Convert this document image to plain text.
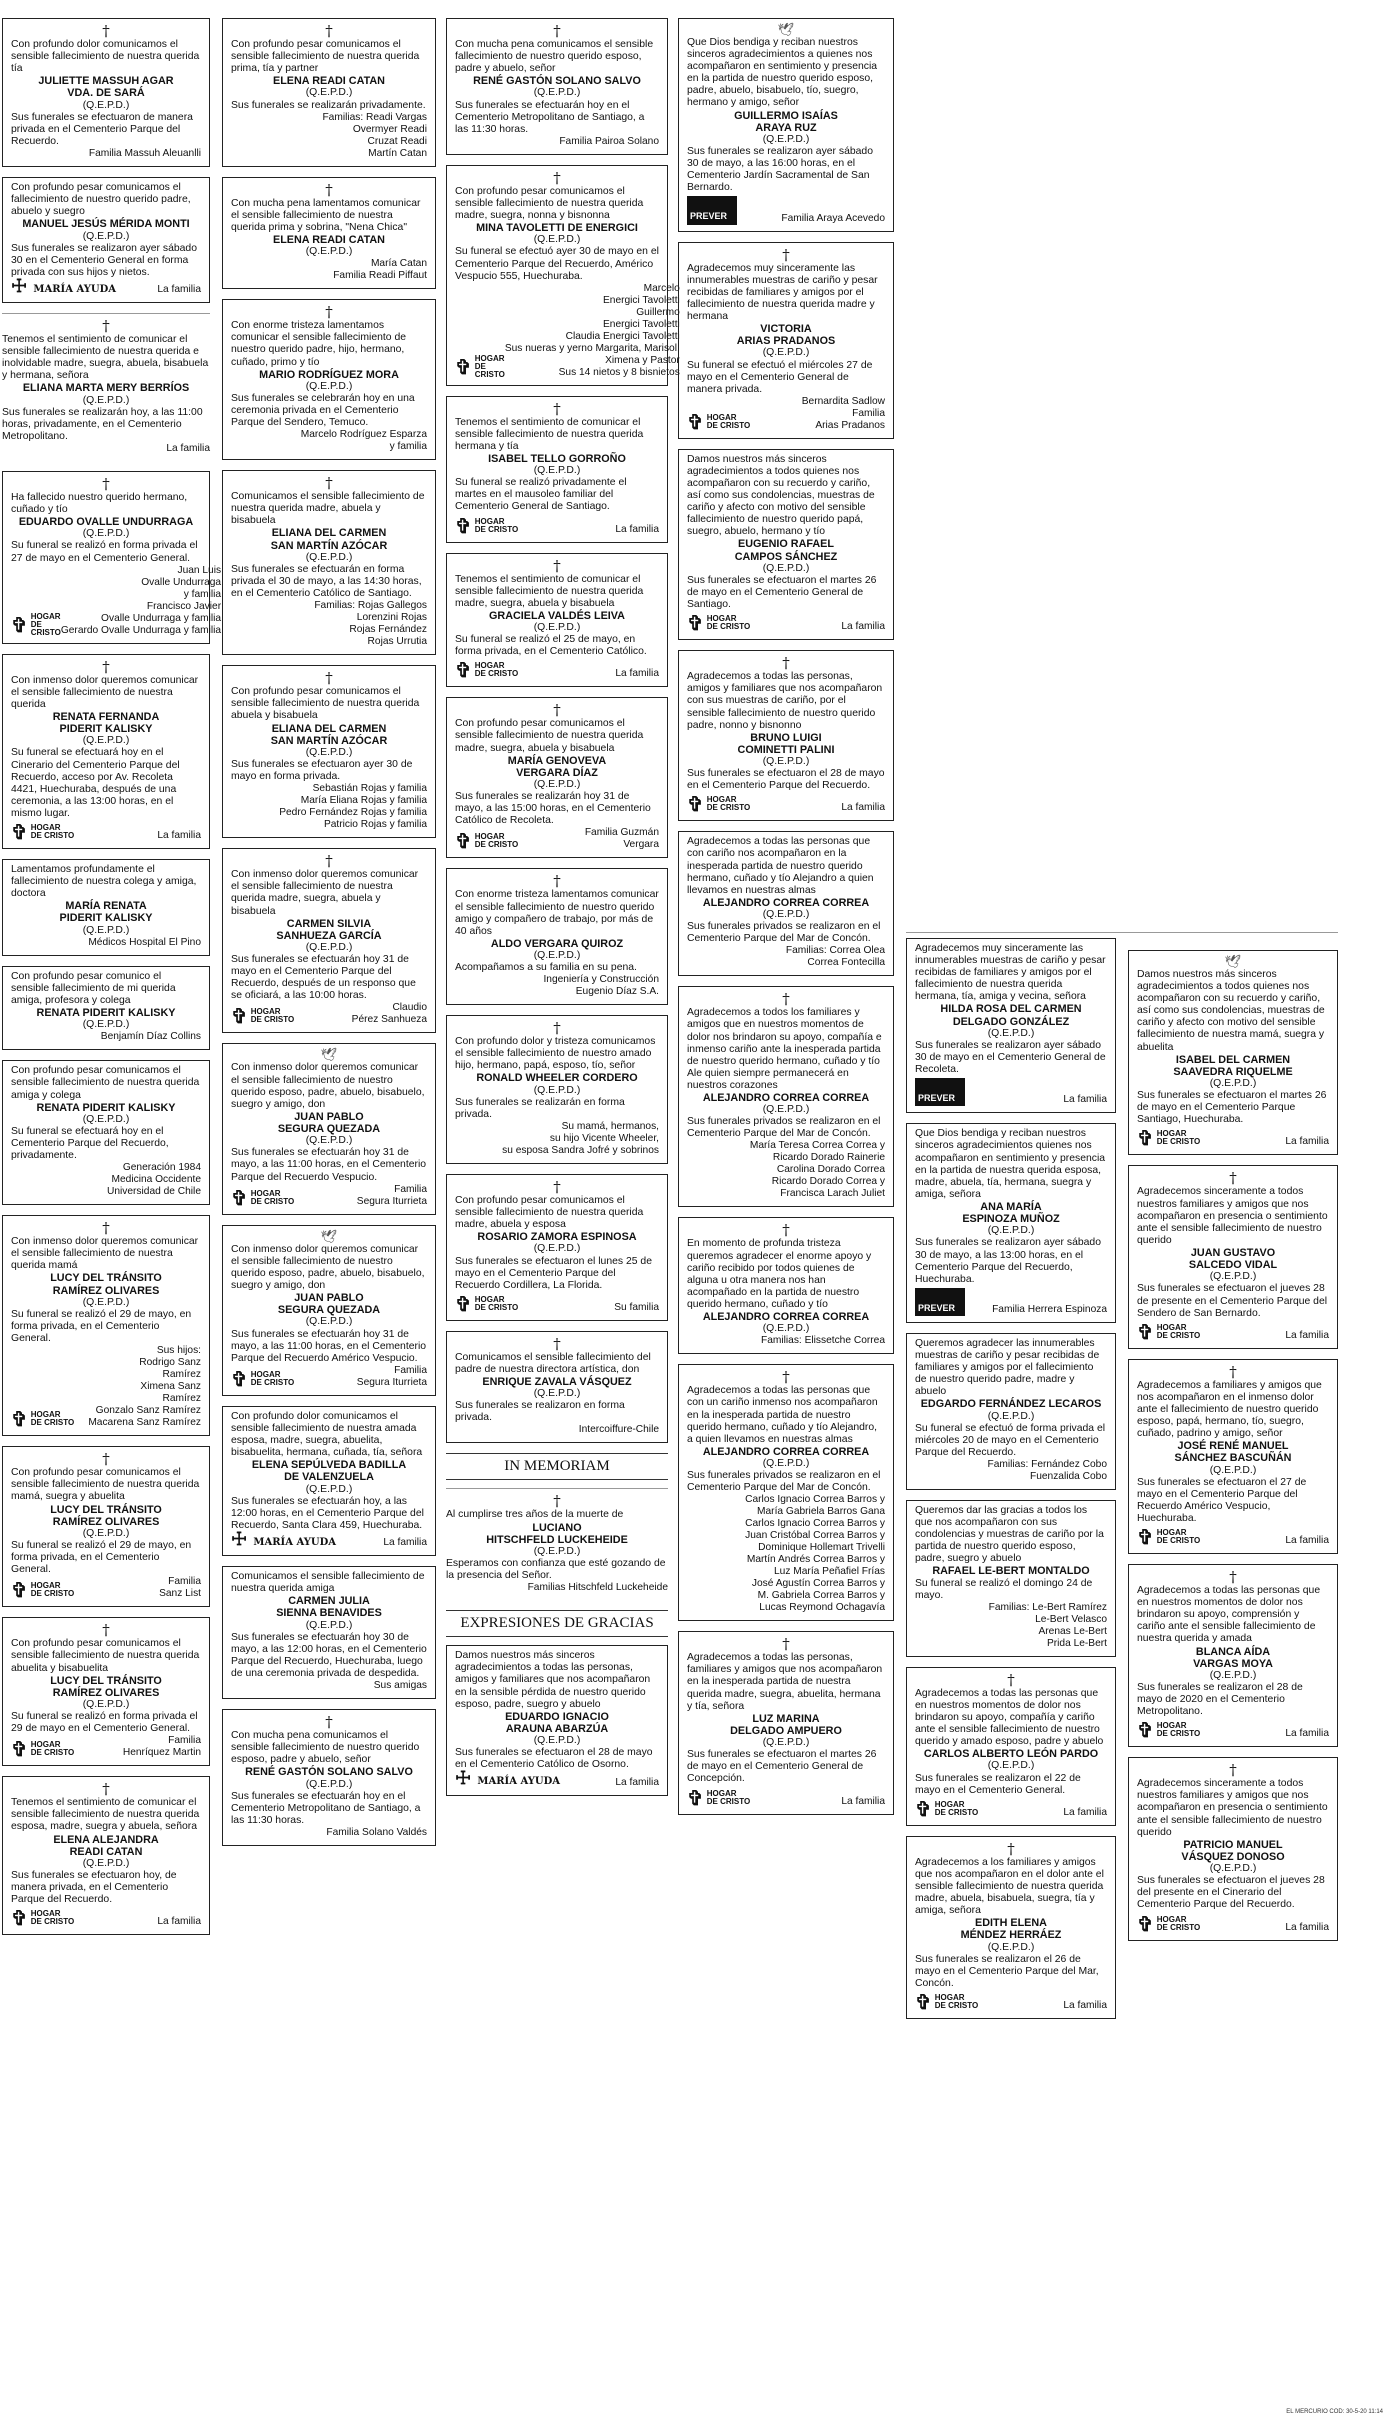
†
Con profundo dolor comunicamos el sensible fallecimiento de nuestra querida tía
JULIETTE MASSUH AGAR
VDA. DE SARÁ
(Q.E.P.D.)
Sus funerales se efectuaron de manera privada en el Cementerio Parque del Recuerdo.
Familia Massuh Aleuanlli
Con profundo pesar comunicamos el fallecimiento de nuestro querido padre, abuelo y suegro
MANUEL JESÚS MÉRIDA MONTI
(Q.E.P.D.)
Sus funerales se realizaron ayer sábado 30 en el Cementerio General en forma privada con sus hijos y nietos.
☩ MARÍA AYUDA	La familia
†
Tenemos el sentimiento de comunicar el sensible fallecimiento de nuestra querida e inolvidable madre, suegra, abuela, bisabuela y hermana, señora
ELIANA MARTA MERY BERRÍOS
(Q.E.P.D.)
Sus funerales se realizarán hoy, a las 11:00 horas, privadamente, en el Cementerio Metropolitano.
La familia
†
Ha fallecido nuestro querido hermano, cuñado y tío
EDUARDO OVALLE UNDURRAGA
(Q.E.P.D.)
Su funeral se realizó en forma privada el 27 de mayo en el Cementerio General.
✞ HOGAR
DE CRISTO
Juan Luis
Ovalle Undurraga
y familia
Francisco Javier
Ovalle Undurraga y familia
Gerardo Ovalle Undurraga y familia
†
Con inmenso dolor queremos comunicar el sensible fallecimiento de nuestra querida
RENATA FERNANDA
PIDERIT KALISKY
(Q.E.P.D.)
Su funeral se efectuará hoy en el Cinerario del Cementerio Parque del Recuerdo, acceso por Av. Recoleta 4421, Huechuraba, después de una ceremonia, a las 13:00 horas, en el mismo lugar.
✞ HOGAR
DE CRISTO	La familia
Lamentamos profundamente el fallecimiento de nuestra colega y amiga, doctora
MARÍA RENATA
PIDERIT KALISKY
(Q.E.P.D.)
Médicos Hospital El Pino
Con profundo pesar comunico el sensible fallecimiento de mi querida amiga, profesora y colega
RENATA PIDERIT KALISKY
(Q.E.P.D.)
Benjamín Díaz Collins
Con profundo pesar comunicamos el sensible fallecimiento de nuestra querida amiga y colega
RENATA PIDERIT KALISKY
(Q.E.P.D.)
Su funeral se efectuará hoy en el Cementerio Parque del Recuerdo, privadamente.
Generación 1984
Medicina Occidente
Universidad de Chile
†
Con inmenso dolor queremos comunicar el sensible fallecimiento de nuestra querida mamá
LUCY DEL TRÁNSITO
RAMÍREZ OLIVARES
(Q.E.P.D.)
Su funeral se realizó el 29 de mayo, en forma privada, en el Cementerio General.
✞ HOGAR
DE CRISTO
Sus hijos:
Rodrigo Sanz
Ramírez
Ximena Sanz
Ramírez
Gonzalo Sanz Ramírez
Macarena Sanz Ramírez
†
Con profundo pesar comunicamos el sensible fallecimiento de nuestra querida mamá, suegra y abuelita
LUCY DEL TRÁNSITO
RAMÍREZ OLIVARES
(Q.E.P.D.)
Su funeral se realizó el 29 de mayo, en forma privada, en el Cementerio General.
✞ HOGAR
DE CRISTO
Familia
Sanz List
†
Con profundo pesar comunicamos el sensible fallecimiento de nuestra querida abuelita y bisabuelita
LUCY DEL TRÁNSITO
RAMÍREZ OLIVARES
(Q.E.P.D.)
Su funeral se realizó en forma privada el 29 de mayo en el Cementerio General.
✞ HOGAR
DE CRISTO
Familia
Henríquez Martin
†
Tenemos el sentimiento de comunicar el sensible fallecimiento de nuestra querida esposa, madre, suegra y abuela, señora
ELENA ALEJANDRA
READI CATAN
(Q.E.P.D.)
Sus funerales se efectuaron hoy, de manera privada, en el Cementerio Parque del Recuerdo.
✞ HOGAR
DE CRISTO	La familia
†
Con profundo pesar comunicamos el sensible fallecimiento de nuestra querida prima, tía y partner
ELENA READI CATAN
(Q.E.P.D.)
Sus funerales se realizarán privadamente.
Familias: Readi Vargas
Overmyer Readi
Cruzat Readi
Martín Catan
†
Con mucha pena lamentamos comunicar el sensible fallecimiento de nuestra querida prima y sobrina, "Nena Chica"
ELENA READI CATAN
(Q.E.P.D.)
María Catan
Familia Readi Piffaut
†
Con enorme tristeza lamentamos comunicar el sensible fallecimiento de nuestro querido padre, hijo, hermano, cuñado, primo y tío
MARIO RODRÍGUEZ MORA
(Q.E.P.D.)
Sus funerales se celebrarán hoy en una ceremonia privada en el Cementerio Parque del Sendero, Temuco.
Marcelo Rodríguez Esparza
y familia
†
Comunicamos el sensible fallecimiento de nuestra querida madre, abuela y bisabuela
ELIANA DEL CARMEN
SAN MARTÍN AZÓCAR
(Q.E.P.D.)
Sus funerales se efectuarán en forma privada el 30 de mayo, a las 14:30 horas, en el Cementerio Católico de Santiago.
Familias: Rojas Gallegos
Lorenzini Rojas
Rojas Fernández
Rojas Urrutia
†
Con profundo pesar comunicamos el sensible fallecimiento de nuestra querida abuela y bisabuela
ELIANA DEL CARMEN
SAN MARTÍN AZÓCAR
(Q.E.P.D.)
Sus funerales se efectuaron ayer 30 de mayo en forma privada.
Sebastián Rojas y familia
María Eliana Rojas y familia
Pedro Fernández Rojas y familia
Patricio Rojas y familia
†
Con inmenso dolor queremos comunicar el sensible fallecimiento de nuestra querida madre, suegra, abuela y bisabuela
CARMEN SILVIA
SANHUEZA GARCÍA
(Q.E.P.D.)
Sus funerales se efectuarán hoy 31 de mayo en el Cementerio Parque del Recuerdo, después de un responso que se oficiará, a las 10:00 horas.
✞ HOGAR
DE CRISTO
Claudio
Pérez Sanhueza
🕊︎
Con inmenso dolor queremos comunicar el sensible fallecimiento de nuestro querido esposo, padre, abuelo, bisabuelo, suegro y amigo, don
JUAN PABLO
SEGURA QUEZADA
(Q.E.P.D.)
Sus funerales se efectuarán hoy 31 de mayo, a las 11:00 horas, en el Cementerio Parque del Recuerdo Vespucio.
✞ HOGAR
DE CRISTO
Familia
Segura Iturrieta
🕊︎
Con inmenso dolor queremos comunicar el sensible fallecimiento de nuestro querido esposo, padre, abuelo, bisabuelo, suegro y amigo, don
JUAN PABLO
SEGURA QUEZADA
(Q.E.P.D.)
Sus funerales se efectuarán hoy 31 de mayo, a las 11:00 horas, en el Cementerio Parque del Recuerdo Américo Vespucio.
✞ HOGAR
DE CRISTO
Familia
Segura Iturrieta
Con profundo dolor comunicamos el sensible fallecimiento de nuestra amada esposa, madre, suegra, abuelita, bisabuelita, hermana, cuñada, tía, señora
ELENA SEPÚLVEDA BADILLA
DE VALENZUELA
(Q.E.P.D.)
Sus funerales se efectuarán hoy, a las 12:00 horas, en el Cementerio Parque del Recuerdo, Santa Clara 459, Huechuraba.
☩ MARÍA AYUDA	La familia
Comunicamos el sensible fallecimiento de nuestra querida amiga
CARMEN JULIA
SIENNA BENAVIDES
(Q.E.P.D.)
Sus funerales se efectuarán hoy 30 de mayo, a las 12:00 horas, en el Cementerio Parque del Recuerdo, Huechuraba, luego de una ceremonia privada de despedida.
Sus amigas
†
Con mucha pena comunicamos el sensible fallecimiento de nuestro querido esposo, padre y abuelo, señor
RENÉ GASTÓN SOLANO SALVO
(Q.E.P.D.)
Sus funerales se efectuarán hoy en el Cementerio Metropolitano de Santiago, a las 11:30 horas.
Familia Solano Valdés
†
Con mucha pena comunicamos el sensible fallecimiento de nuestro querido esposo, padre y abuelo, señor
RENÉ GASTÓN SOLANO SALVO
(Q.E.P.D.)
Sus funerales se efectuarán hoy en el Cementerio Metropolitano de Santiago, a las 11:30 horas.
Familia Pairoa Solano
†
Con profundo pesar comunicamos el sensible fallecimiento de nuestra querida madre, suegra, nonna y bisnonna
MINA TAVOLETTI DE ENERGICI
(Q.E.P.D.)
Su funeral se efectuó ayer 30 de mayo en el Cementerio Parque del Recuerdo, Américo Vespucio 555, Huechuraba.
✞ HOGAR
DE CRISTO
Marcelo
Energici Tavoletti
Guillermo
Energici Tavoletti
Claudia Energici Tavoletti
Sus nueras y yerno Margarita, Marisol,
Ximena y Pastor
Sus 14 nietos y 8 bisnietos
†
Tenemos el sentimiento de comunicar el sensible fallecimiento de nuestra querida hermana y tía
ISABEL TELLO GORROÑO
(Q.E.P.D.)
Su funeral se realizó privadamente el martes en el mausoleo familiar del Cementerio General de Santiago.
✞ HOGAR
DE CRISTO	La familia
†
Tenemos el sentimiento de comunicar el sensible fallecimiento de nuestra querida madre, suegra, abuela y bisabuela
GRACIELA VALDÉS LEIVA
(Q.E.P.D.)
Su funeral se realizó el 25 de mayo, en forma privada, en el Cementerio Católico.
✞ HOGAR
DE CRISTO	La familia
†
Con profundo pesar comunicamos el sensible fallecimiento de nuestra querida madre, suegra, abuela y bisabuela
MARÍA GENOVEVA
VERGARA DÍAZ
(Q.E.P.D.)
Sus funerales se realizarán hoy 31 de mayo, a las 15:00 horas, en el Cementerio Católico de Recoleta.
✞ HOGAR
DE CRISTO
Familia Guzmán
Vergara
†
Con enorme tristeza lamentamos comunicar el sensible fallecimiento de nuestro querido amigo y compañero de trabajo, por más de 40 años
ALDO VERGARA QUIROZ
(Q.E.P.D.)
Acompañamos a su familia en su pena.
Ingeniería y Construcción
Eugenio Díaz S.A.
†
Con profundo dolor y tristeza comunicamos el sensible fallecimiento de nuestro amado hijo, hermano, papá, esposo, tío, señor
RONALD WHEELER CORDERO
(Q.E.P.D.)
Sus funerales se realizarán en forma privada.
Su mamá, hermanos,
su hijo Vicente Wheeler,
su esposa Sandra Jofré y sobrinos
†
Con profundo pesar comunicamos el sensible fallecimiento de nuestra querida madre, abuela y esposa
ROSARIO ZAMORA ESPINOSA
(Q.E.P.D.)
Sus funerales se efectuaron el lunes 25 de mayo en el Cementerio Parque del Recuerdo Cordillera, La Florida.
✞ HOGAR
DE CRISTO	Su familia
†
Comunicamos el sensible fallecimiento del padre de nuestra directora artística, don
ENRIQUE ZAVALA VÁSQUEZ
(Q.E.P.D.)
Sus funerales se realizaron en forma privada.
Intercoiffure-Chile
IN MEMORIAM
†
Al cumplirse tres años de la muerte de
LUCIANO
HITSCHFELD LUCKEHEIDE
(Q.E.P.D.)
Esperamos con confianza que esté gozando de la presencia del Señor.
Familias Hitschfeld Luckeheide
EXPRESIONES DE GRACIAS
Damos nuestros más sinceros agradecimientos a todas las personas, amigos y familiares que nos acompañaron en la sensible pérdida de nuestro querido esposo, padre, suegro y abuelo
EDUARDO IGNACIO
ARAUNA ABARZÚA
(Q.E.P.D.)
Sus funerales se efectuaron el 28 de mayo en el Cementerio Católico de Osorno.
☩ MARÍA AYUDA	La familia
🕊︎
Que Dios bendiga y reciban nuestros sinceros agradecimientos a quienes nos acompañaron en sentimiento y presencia en la partida de nuestro querido esposo, padre, abuelo, bisabuelo, tío, suegro, hermano y amigo, señor
GUILLERMO ISAÍAS
ARAYA RUZ
(Q.E.P.D.)
Sus funerales se realizaron ayer sábado 30 de mayo, a las 16:00 horas, en el Cementerio Jardín Sacramental de San Bernardo.
PREVER	Familia Araya Acevedo
†
Agradecemos muy sinceramente las innumerables muestras de cariño y pesar recibidas de familiares y amigos por el fallecimiento de nuestra querida madre y hermana
VICTORIA
ARIAS PRADANOS
(Q.E.P.D.)
Su funeral se efectuó el miércoles 27 de mayo en el Cementerio General de manera privada.
✞ HOGAR
DE CRISTO
Bernardita Sadlow
Familia
Arias Pradanos
Damos nuestros más sinceros agradecimientos a todos quienes nos acompañaron con su recuerdo y cariño, así como sus condolencias, muestras de cariño y afecto con motivo del sensible fallecimiento de nuestro querido papá, suegro, abuelo, hermano y tío
EUGENIO RAFAEL
CAMPOS SÁNCHEZ
(Q.E.P.D.)
Sus funerales se efectuaron el martes 26 de mayo en el Cementerio General de Santiago.
✞ HOGAR
DE CRISTO	La familia
†
Agradecemos a todas las personas, amigos y familiares que nos acompañaron con sus muestras de cariño, por el sensible fallecimiento de nuestro querido padre, nonno y bisnonno
BRUNO LUIGI
COMINETTI PALINI
(Q.E.P.D.)
Sus funerales se efectuaron el 28 de mayo en el Cementerio Parque del Recuerdo.
✞ HOGAR
DE CRISTO	La familia
Agradecemos a todas las personas que con cariño nos acompañaron en la inesperada partida de nuestro querido hermano, cuñado y tío Alejandro a quien llevamos en nuestras almas
ALEJANDRO CORREA CORREA
(Q.E.P.D.)
Sus funerales privados se realizaron en el Cementerio Parque del Mar de Concón.
Familias: Correa Olea
Correa Fontecilla
†
Agradecemos a todos los familiares y amigos que en nuestros momentos de dolor nos brindaron su apoyo, compañía e inmenso cariño ante la inesperada partida de nuestro querido hermano, cuñado y tío Ale quien siempre permanecerá en nuestros corazones
ALEJANDRO CORREA CORREA
(Q.E.P.D.)
Sus funerales privados se realizaron en el Cementerio Parque del Mar de Concón.
María Teresa Correa Correa y
Ricardo Dorado Rainerie
Carolina Dorado Correa
Ricardo Dorado Correa y
Francisca Larach Juliet
†
En momento de profunda tristeza queremos agradecer el enorme apoyo y cariño recibido por todos quienes de alguna u otra manera nos han acompañado en la partida de nuestro querido hermano, cuñado y tío
ALEJANDRO CORREA CORREA
(Q.E.P.D.)
Familias: Elissetche Correa
†
Agradecemos a todas las personas que con un cariño inmenso nos acompañaron en la inesperada partida de nuestro querido hermano, cuñado y tío Alejandro, a quien llevamos en nuestras almas
ALEJANDRO CORREA CORREA
(Q.E.P.D.)
Sus funerales privados se realizaron en el Cementerio Parque del Mar de Concón.
Carlos Ignacio Correa Barros y
María Gabriela Barros Gana
Carlos Ignacio Correa Barros y
Juan Cristóbal Correa Barros y
Dominique Hollemart Trivelli
Martín Andrés Correa Barros y
Luz María Peñafiel Frías
José Agustín Correa Barros y
M. Gabriela Correa Barros y
Lucas Reymond Ochagavía
†
Agradecemos a todas las personas, familiares y amigos que nos acompañaron en la inesperada partida de nuestra querida madre, suegra, abuelita, hermana y tía, señora
LUZ MARINA
DELGADO AMPUERO
(Q.E.P.D.)
Sus funerales se efectuaron el martes 26 de mayo en el Cementerio General de Concepción.
✞ HOGAR
DE CRISTO	La familia
Agradecemos muy sinceramente las innumerables muestras de cariño y pesar recibidas de familiares y amigos por el fallecimiento de nuestra querida hermana, tía, amiga y vecina, señora
HILDA ROSA DEL CARMEN
DELGADO GONZÁLEZ
(Q.E.P.D.)
Sus funerales se realizaron ayer sábado 30 de mayo en el Cementerio General de Recoleta.
PREVER	La familia
Que Dios bendiga y reciban nuestros sinceros agradecimientos quienes nos acompañaron en sentimiento y presencia en la partida de nuestra querida esposa, madre, abuela, tía, hermana, suegra y amiga, señora
ANA MARÍA
ESPINOZA MUÑOZ
(Q.E.P.D.)
Sus funerales se realizaron ayer sábado 30 de mayo, a las 13:00 horas, en el Cementerio Parque del Recuerdo, Huechuraba.
PREVER	Familia Herrera Espinoza
Queremos agradecer las innumerables muestras de cariño y pesar recibidas de familiares y amigos por el fallecimiento de nuestro querido padre, madre y abuelo
EDGARDO FERNÁNDEZ LECAROS
(Q.E.P.D.)
Su funeral se efectuó de forma privada el miércoles 20 de mayo en el Cementerio Parque del Recuerdo.
Familias: Fernández Cobo
Fuenzalida Cobo
Queremos dar las gracias a todos los que nos acompañaron con sus condolencias y muestras de cariño por la partida de nuestro querido esposo, padre, suegro y abuelo
RAFAEL LE-BERT MONTALDO
Su funeral se realizó el domingo 24 de mayo.
Familias: Le-Bert Ramírez
Le-Bert Velasco
Arenas Le-Bert
Prida Le-Bert
†
Agradecemos a todas las personas que en nuestros momentos de dolor nos brindaron su apoyo, compañía y cariño ante el sensible fallecimiento de nuestro querido y amado esposo, padre y abuelo
CARLOS ALBERTO LEÓN PARDO
(Q.E.P.D.)
Sus funerales se realizaron el 22 de mayo en el Cementerio General.
✞ HOGAR
DE CRISTO	La familia
†
Agradecemos a los familiares y amigos que nos acompañaron en el dolor ante el sensible fallecimiento de nuestra querida madre, abuela, bisabuela, suegra, tía y amiga, señora
EDITH ELENA
MÉNDEZ HERRÁEZ
(Q.E.P.D.)
Sus funerales se realizaron el 26 de mayo en el Cementerio Parque del Mar, Concón.
✞ HOGAR
DE CRISTO	La familia
🕊︎
Damos nuestros más sinceros agradecimientos a todos quienes nos acompañaron con su recuerdo y cariño, así como sus condolencias, muestras de cariño y afecto con motivo del sensible fallecimiento de nuestra mamá, suegra y abuelita
ISABEL DEL CARMEN
SAAVEDRA RIQUELME
(Q.E.P.D.)
Sus funerales se efectuaron el martes 26 de mayo en el Cementerio Parque Santiago, Huechuraba.
✞ HOGAR
DE CRISTO	La familia
†
Agradecemos sinceramente a todos nuestros familiares y amigos que nos acompañaron en presencia o sentimiento ante el sensible fallecimiento de nuestro querido
JUAN GUSTAVO
SALCEDO VIDAL
(Q.E.P.D.)
Sus funerales se efectuaron el jueves 28 de presente en el Cementerio Parque del Sendero de San Bernardo.
✞ HOGAR
DE CRISTO	La familia
†
Agradecemos a familiares y amigos que nos acompañaron en el inmenso dolor ante el fallecimiento de nuestro querido esposo, papá, hermano, tío, suegro, cuñado, padrino y amigo, señor
JOSÉ RENÉ MANUEL
SÁNCHEZ BASCUÑÁN
(Q.E.P.D.)
Sus funerales se efectuaron el 27 de mayo en el Cementerio Parque del Recuerdo Américo Vespucio, Huechuraba.
✞ HOGAR
DE CRISTO	La familia
†
Agradecemos a todas las personas que en nuestros momentos de dolor nos brindaron su apoyo, comprensión y cariño ante el sensible fallecimiento de nuestra querida y amada
BLANCA AÍDA
VARGAS MOYA
(Q.E.P.D.)
Sus funerales se realizaron el 28 de mayo de 2020 en el Cementerio Metropolitano.
✞ HOGAR
DE CRISTO	La familia
†
Agradecemos sinceramente a todos nuestros familiares y amigos que nos acompañaron en presencia o sentimiento ante el sensible fallecimiento de nuestro querido
PATRICIO MANUEL
VÁSQUEZ DONOSO
(Q.E.P.D.)
Sus funerales se efectuaron el jueves 28 del presente en el Cinerario del Cementerio Parque del Recuerdo.
✞ HOGAR
DE CRISTO	La familia
EL MERCURIO COD: 30-5-20 11:14
